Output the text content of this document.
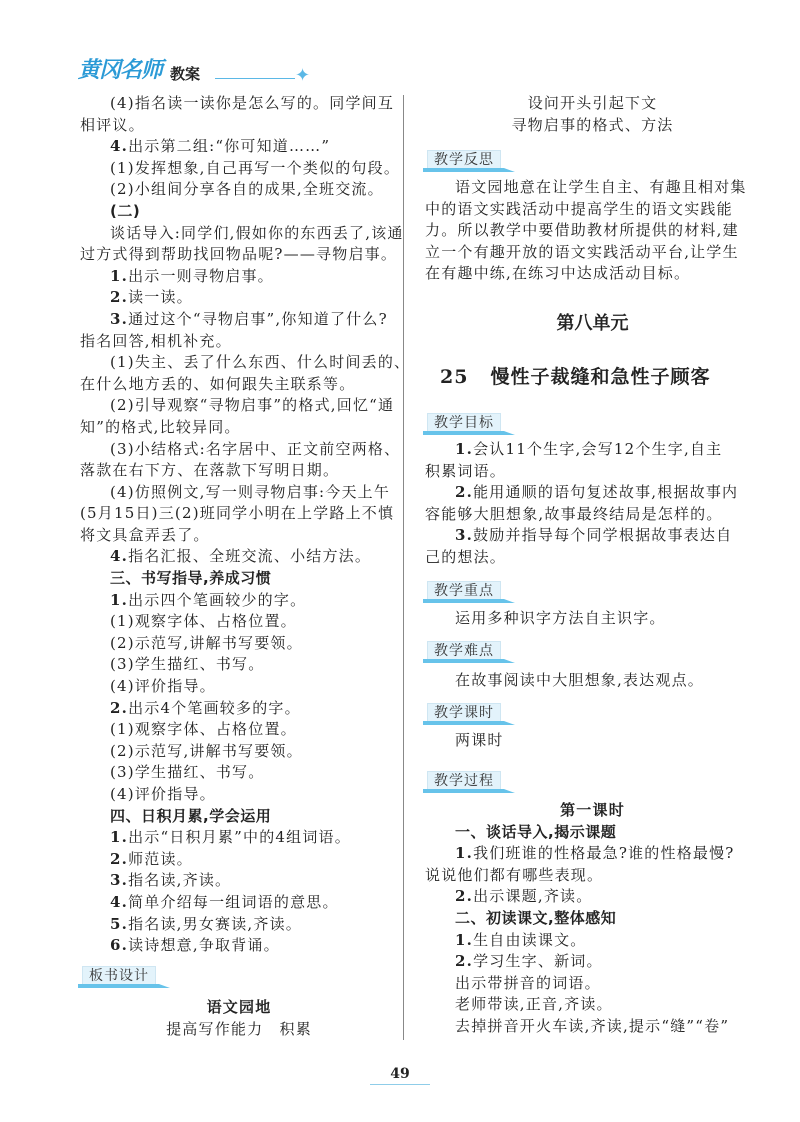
黄冈名师 教案	✦
(4)指名读一读你是怎么写的。同学间互
相评议。
4.出示第二组:“你可知道……”
(1)发挥想象,自己再写一个类似的句段。
(2)小组间分享各自的成果,全班交流。
(二)
谈话导入:同学们,假如你的东西丢了,该通
过方式得到帮助找回物品呢?——寻物启事。
1.出示一则寻物启事。
2.读一读。
3.通过这个“寻物启事”,你知道了什么?
指名回答,相机补充。
(1)失主、丢了什么东西、什么时间丢的、
在什么地方丢的、如何跟失主联系等。
(2)引导观察“寻物启事”的格式,回忆“通
知”的格式,比较异同。
(3)小结格式:名字居中、正文前空两格、
落款在右下方、在落款下写明日期。
(4)仿照例文,写一则寻物启事:今天上午
(5月15日)三(2)班同学小明在上学路上不慎
将文具盒弄丢了。
4.指名汇报、全班交流、小结方法。
三、书写指导,养成习惯
1.出示四个笔画较少的字。
(1)观察字体、占格位置。
(2)示范写,讲解书写要领。
(3)学生描红、书写。
(4)评价指导。
2.出示4个笔画较多的字。
(1)观察字体、占格位置。
(2)示范写,讲解书写要领。
(3)学生描红、书写。
(4)评价指导。
四、日积月累,学会运用
1.出示“日积月累”中的4组词语。
2.师范读。
3.指名读,齐读。
4.简单介绍每一组词语的意思。
5.指名读,男女赛读,齐读。
6.读诗想意,争取背诵。
板书设计
语文园地
提高写作能力　积累
设问开头引起下文
寻物启事的格式、方法
教学反思
语文园地意在让学生自主、有趣且相对集
中的语文实践活动中提高学生的语文实践能
力。所以教学中要借助教材所提供的材料,建
立一个有趣开放的语文实践活动平台,让学生
在有趣中练,在练习中达成活动目标。
第八单元
25 慢性子裁缝和急性子顾客
教学目标
1.会认11个生字,会写12个生字,自主
积累词语。
2.能用通顺的语句复述故事,根据故事内
容能够大胆想象,故事最终结局是怎样的。
3.鼓励并指导每个同学根据故事表达自
己的想法。
教学重点
运用多种识字方法自主识字。
教学难点
在故事阅读中大胆想象,表达观点。
教学课时
两课时
教学过程
第一课时
一、谈话导入,揭示课题
1.我们班谁的性格最急?谁的性格最慢?
说说他们都有哪些表现。
2.出示课题,齐读。
二、初读课文,整体感知
1.生自由读课文。
2.学习生字、新词。
出示带拼音的词语。
老师带读,正音,齐读。
去掉拼音开火车读,齐读,提示“缝”“卷”
49
